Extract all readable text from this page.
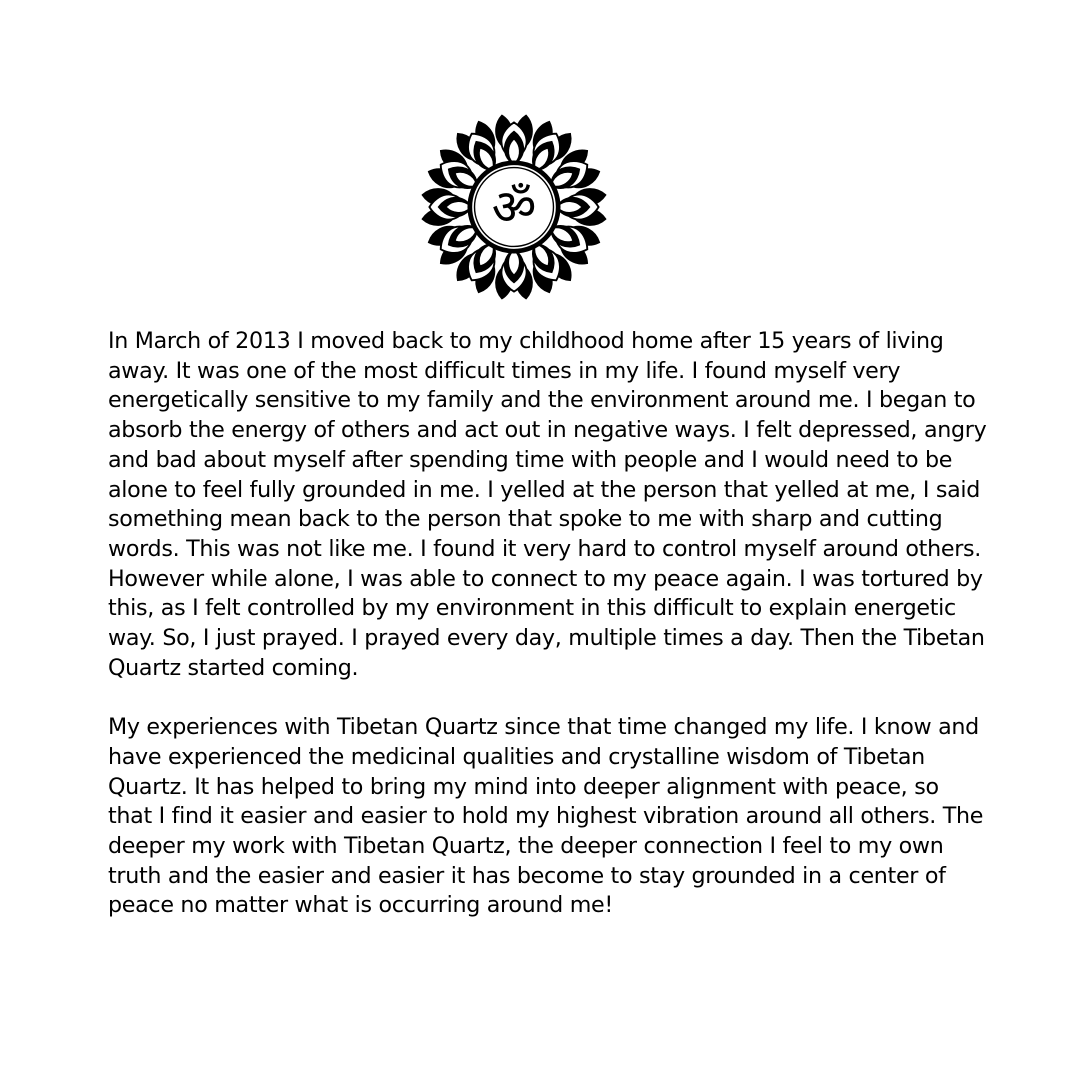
ॐ

In March of 2013 I moved back to my childhood home after 15 years of living away. It was one of the most difficult times in my life. I found myself very energetically sensitive to my family and the environment around me. I began to absorb the energy of others and act out in negative ways. I felt depressed, angry and bad about myself after spending time with people and I would need to be alone to feel fully grounded in me. I yelled at the person that yelled at me, I said something mean back to the person that spoke to me with sharp and cutting words. This was not like me. I found it very hard to control myself around others. However while alone, I was able to connect to my peace again. I was tortured by this, as I felt controlled by my environment in this difficult to explain energetic way. So, I just prayed. I prayed every day, multiple times a day. Then the Tibetan Quartz started coming.

My experiences with Tibetan Quartz since that time changed my life. I know and have experienced the medicinal qualities and crystalline wisdom of Tibetan Quartz. It has helped to bring my mind into deeper alignment with peace, so that I find it easier and easier to hold my highest vibration around all others. The deeper my work with Tibetan Quartz, the deeper connection I feel to my own truth and the easier and easier it has become to stay grounded in a center of peace no matter what is occurring around me!
